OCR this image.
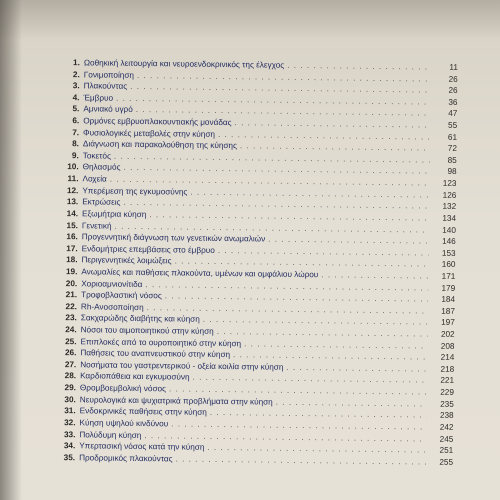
1. Ωοθηκική λειτουργία και νευροενδοκρινικός της έλεγχος . . .	11
2. Γονιμοποίηση . . .	26
3. Πλακούντας . . .	26
4. Έμβρυο . . .	36
5. Αμνιακό υγρό . . .	47
6. Ορμόνες εμβρυοπλακουντιακής μονάδας . . .	55
7. Φυσιολογικές μεταβολές στην κύηση . . .	61
8. Διάγνωση και παρακολούθηση της κύησης . . .	72
9. Τοκετός . . .	85
10. Θηλασμός . . .	98
11. Λοχεία . . .	123
12. Υπερέμεση της εγκυμοσύνης . . .	126
13. Εκτρώσεις . . .	132
14. Εξωμήτρια κύηση . . .	134
15. Γενετική . . .	140
16. Προγεννητική διάγνωση των γενετικών ανωμαλιών . . .	146
17. Ενδομήτριες επεμβάσεις στο έμβρυο . . .	153
18. Περιγεννητικές λοιμώξεις . . .	160
19. Ανωμαλίες και παθήσεις πλακούντα, υμένων και ομφάλιου λώρου . . .	171
20. Χοριοαμνιονίτιδα . . .	179
21. Τροφοβλαστική νόσος . . .	184
22. Rh-Ανοσοποίηση . . .	187
23. Σακχαρώδης διαβήτης και κύηση . . .	197
24. Νόσοι του αιμοποιητικού στην κύηση . . .	202
25. Επιπλοκές από το ουροποιητικό στην κύηση . . .	208
26. Παθήσεις του αναπνευστικού στην κύηση . . .	214
27. Νοσήματα του γαστρεντερικού - οξεία κοιλία στην κύηση . . .	218
28. Καρδιοπάθεια και εγκυμοσύνη . . .	221
29. Θρομβοεμβολική νόσος . . .	229
30. Νευρολογικά και ψυχιατρικά προβλήματα στην κύηση . . .	235
31. Ενδοκρινικές παθήσεις στην κύηση . . .	238
32. Κύηση υψηλού κινδύνου . . .	242
33. Πολύδυμη κύηση . . .	245
34. Υπερτασική νόσος κατά την κύηση . . .	251
35. Προδρομικός πλακούντας . . .	255
